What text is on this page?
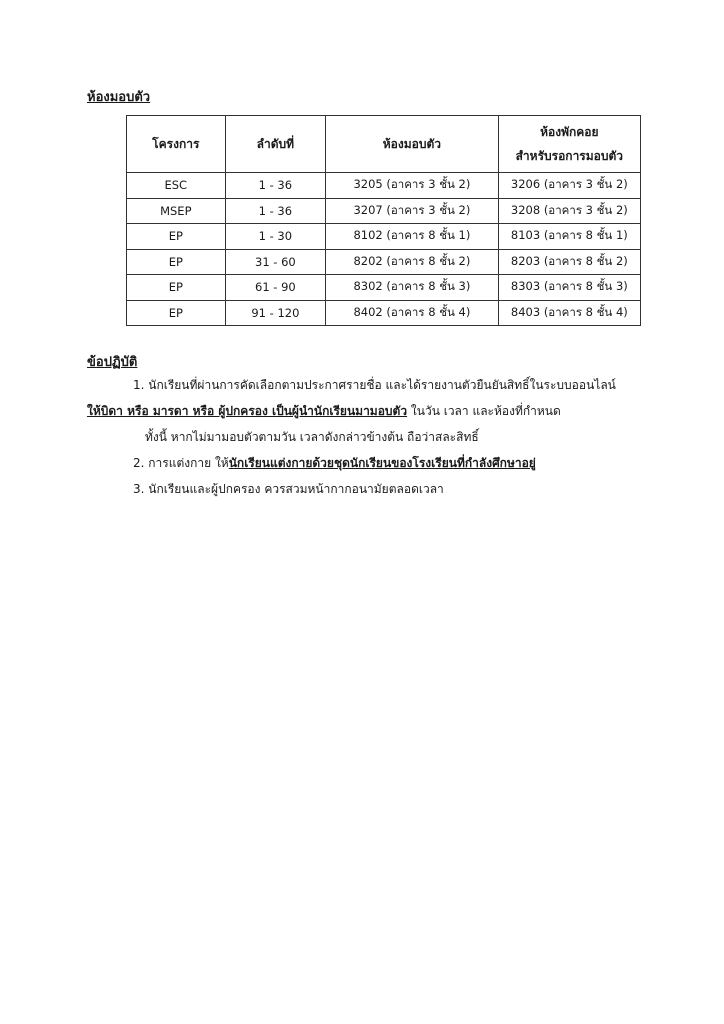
ห้องมอบตัว
โครงการ	ลำดับที่	ห้องมอบตัว	ห้องพักคอย
สำหรับรอการมอบตัว

ESC	1 - 36	3205 (อาคาร 3 ชั้น 2)	3206 (อาคาร 3 ชั้น 2)
MSEP	1 - 36	3207 (อาคาร 3 ชั้น 2)	3208 (อาคาร 3 ชั้น 2)
EP	1 - 30	8102 (อาคาร 8 ชั้น 1)	8103 (อาคาร 8 ชั้น 1)
EP	31 - 60	8202 (อาคาร 8 ชั้น 2)	8203 (อาคาร 8 ชั้น 2)
EP	61 - 90	8302 (อาคาร 8 ชั้น 3)	8303 (อาคาร 8 ชั้น 3)
EP	91 - 120	8402 (อาคาร 8 ชั้น 4)	8403 (อาคาร 8 ชั้น 4)
ข้อปฏิบัติ
1. นักเรียนที่ผ่านการคัดเลือกตามประกาศรายชื่อ และได้รายงานตัวยืนยันสิทธิ์ในระบบออนไลน์
ให้บิดา หรือ มารดา หรือ ผู้ปกครอง เป็นผู้นำนักเรียนมามอบตัว ในวัน เวลา และห้องที่กำหนด
ทั้งนี้ หากไม่มามอบตัวตามวัน เวลาดังกล่าวข้างต้น ถือว่าสละสิทธิ์
2. การแต่งกาย ให้นักเรียนแต่งกายด้วยชุดนักเรียนของโรงเรียนที่กำลังศึกษาอยู่
3. นักเรียนและผู้ปกครอง ควรสวมหน้ากากอนามัยตลอดเวลา
